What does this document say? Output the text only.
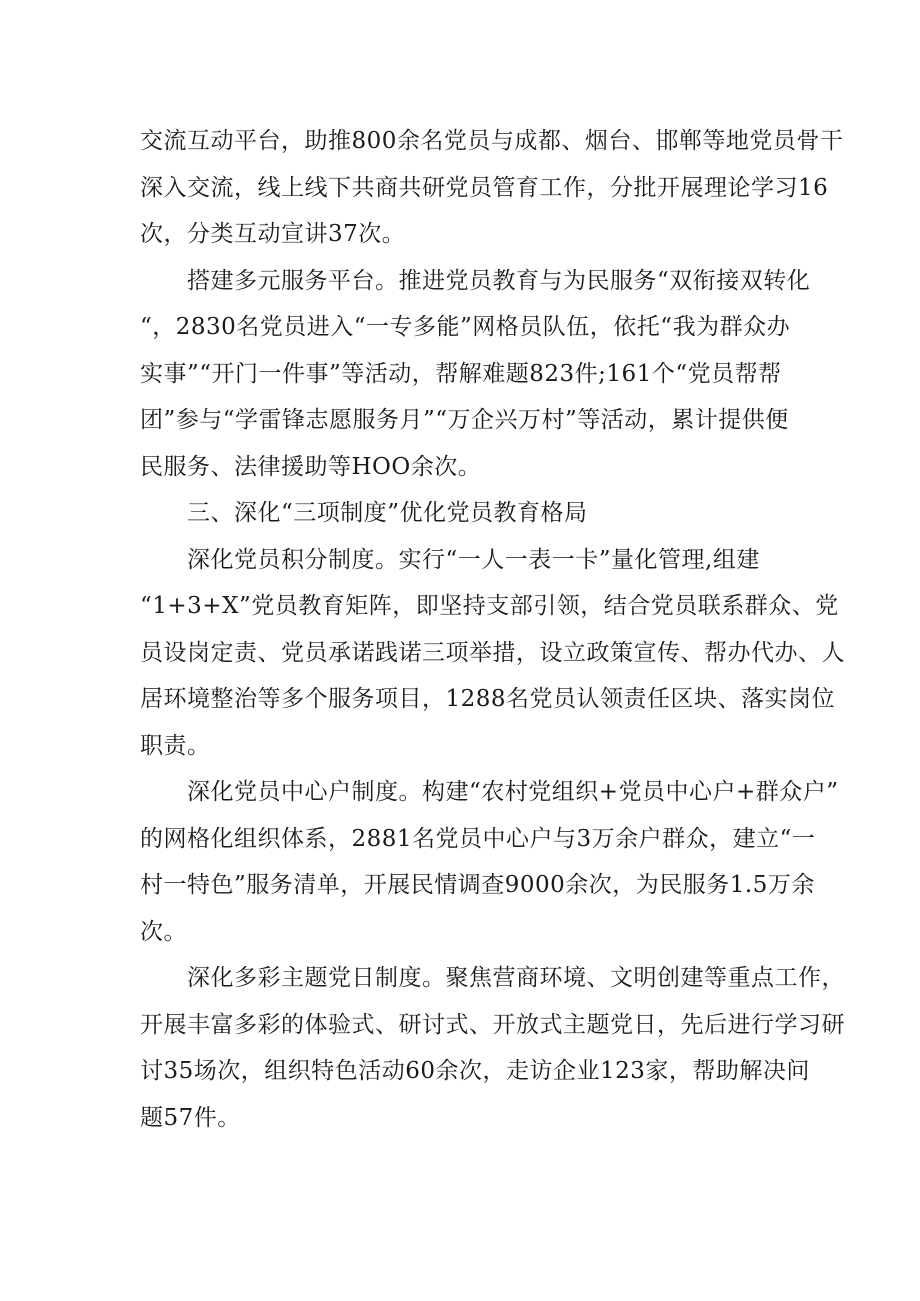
交流互动平台，助推800余名党员与成都、烟台、邯郸等地党员骨干
深入交流，线上线下共商共研党员管育工作，分批开展理论学习16
次，分类互动宣讲37次。
搭建多元服务平台。推进党员教育与为民服务“双衔接双转化
“，2830名党员进入“一专多能”网格员队伍，依托“我为群众办
实事”“开门一件事”等活动，帮解难题823件;161个“党员帮帮
团”参与“学雷锋志愿服务月”“万企兴万村”等活动，累计提供便
民服务、法律援助等HOO余次。
三、深化“三项制度”优化党员教育格局
深化党员积分制度。实行“一人一表一卡”量化管理,组建
“1+3+X”党员教育矩阵，即坚持支部引领，结合党员联系群众、党
员设岗定责、党员承诺践诺三项举措，设立政策宣传、帮办代办、人
居环境整治等多个服务项目，1288名党员认领责任区块、落实岗位
职责。
深化党员中心户制度。构建“农村党组织+党员中心户+群众户”
的网格化组织体系，2881名党员中心户与3万余户群众，建立“一
村一特色”服务清单，开展民情调查9000余次，为民服务1.5万余
次。
深化多彩主题党日制度。聚焦营商环境、文明创建等重点工作，
开展丰富多彩的体验式、研讨式、开放式主题党日，先后进行学习研
讨35场次，组织特色活动60余次，走访企业123家，帮助解决问
题57件。
